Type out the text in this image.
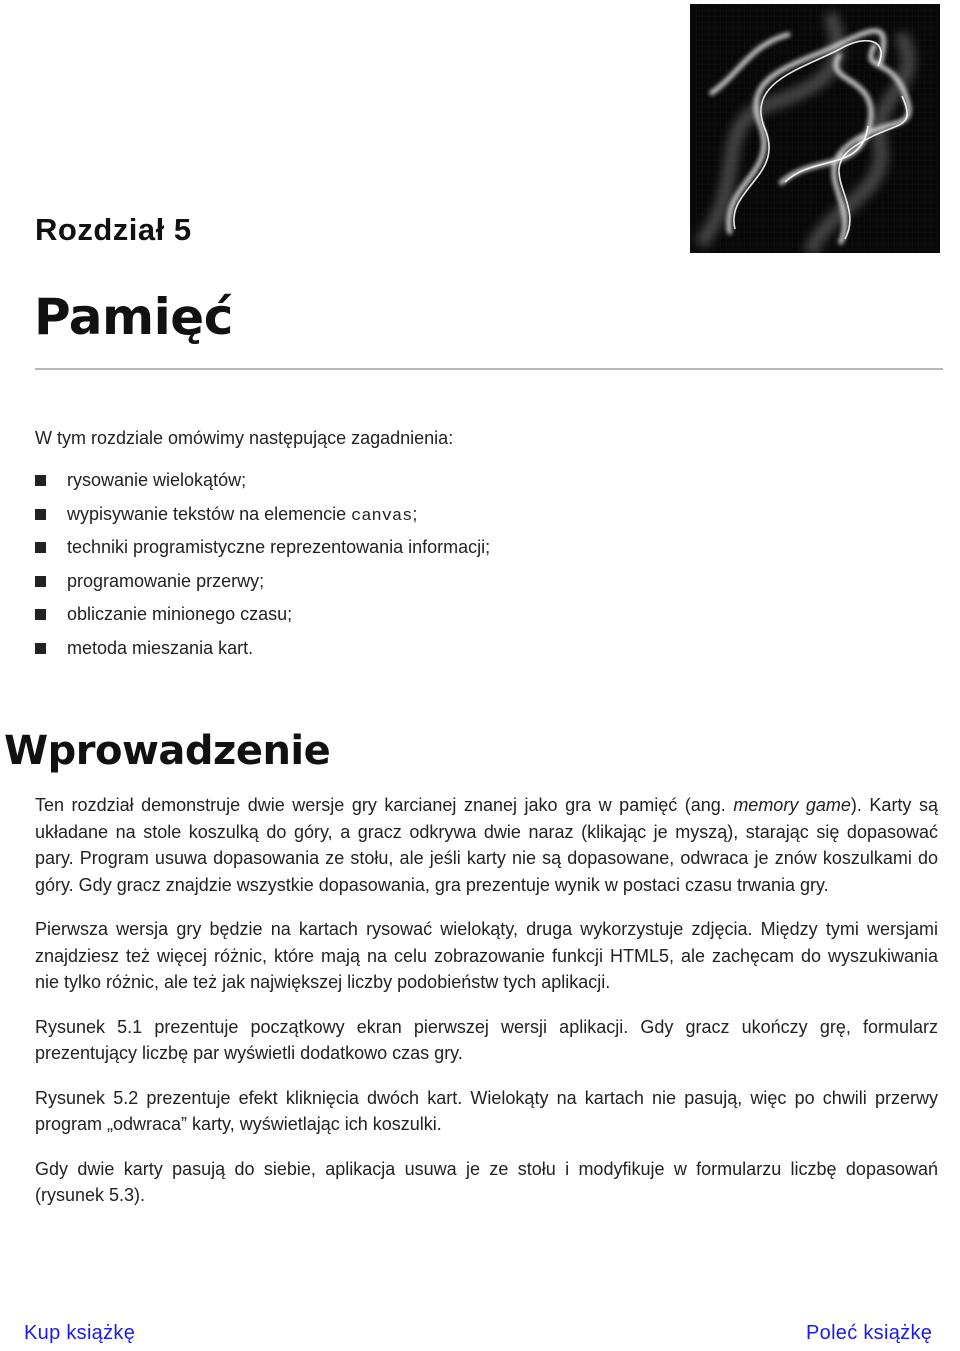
Rozdział 5
Pamięć
W tym rozdziale omówimy następujące zagadnienia:
rysowanie wielokątów;
wypisywanie tekstów na elemencie canvas;
techniki programistyczne reprezentowania informacji;
programowanie przerwy;
obliczanie minionego czasu;
metoda mieszania kart.
Wprowadzenie

Ten rozdział demonstruje dwie wersje gry karcianej znanej jako gra w pamięć (ang. memory game). Karty są układane na stole koszulką do góry, a gracz odkrywa dwie naraz (klikając je myszą), starając się dopasować pary. Program usuwa dopasowania ze stołu, ale jeśli karty nie są dopasowane, odwraca je znów koszulkami do góry. Gdy gracz znajdzie wszystkie dopasowania, gra prezentuje wynik w postaci czasu trwania gry.

Pierwsza wersja gry będzie na kartach rysować wielokąty, druga wykorzystuje zdjęcia. Między tymi wersjami znajdziesz też więcej różnic, które mają na celu zobrazowanie funkcji HTML5, ale zachęcam do wyszukiwania nie tylko różnic, ale też jak największej liczby podobieństw tych aplikacji.

Rysunek 5.1 prezentuje początkowy ekran pierwszej wersji aplikacji. Gdy gracz ukończy grę, formularz prezentujący liczbę par wyświetli dodatkowo czas gry.

Rysunek 5.2 prezentuje efekt kliknięcia dwóch kart. Wielokąty na kartach nie pasują, więc po chwili przerwy program „odwraca” karty, wyświetlając ich koszulki.

Gdy dwie karty pasują do siebie, aplikacja usuwa je ze stołu i modyfikuje w formularzu liczbę dopasowań (rysunek 5.3).

Kup książkę	Poleć książkę
